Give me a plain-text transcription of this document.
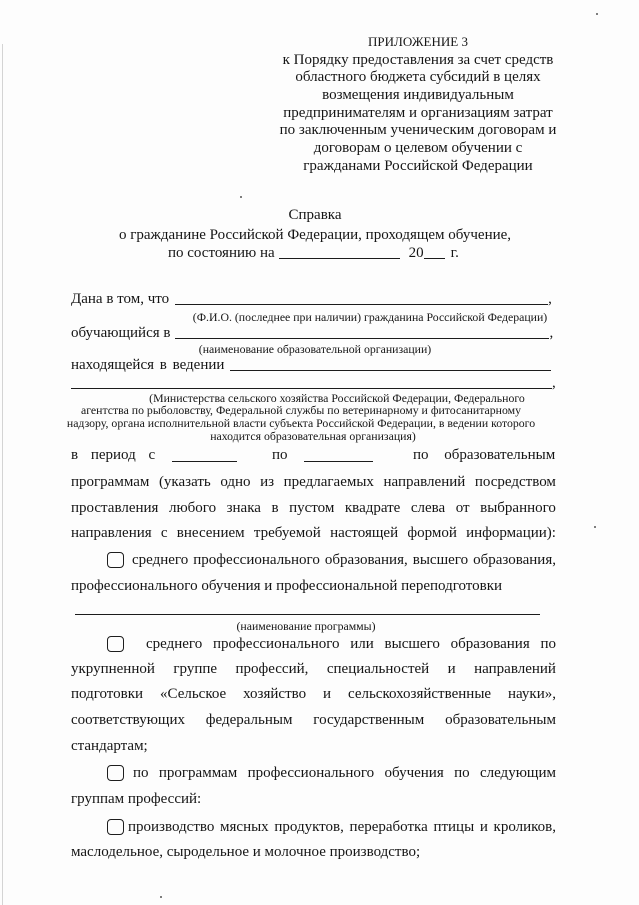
ПРИЛОЖЕНИЕ 3
к Порядку предоставления за счет средств
областного бюджета субсидий в целях
возмещения индивидуальным
предпринимателям и организациям затрат
по заключенным ученическим договорам и
договорам о целевом обучении с
гражданами Российской Федерации
Справка
о гражданине Российской Федерации, проходящем обучение,
по состоянию на	20 г.
Дана в том, что	,
(Ф.И.О. (последнее при наличии) гражданина Российской Федерации)
обучающийся в	,
(наименование образовательной организации)
находящейся в ведении
,
(Министерства сельского хозяйства Российской Федерации, Федерального
агентства по рыболовству, Федеральной службы по ветеринарному и фитосанитарному
надзору, органа исполнительной власти субъекта Российской Федерации, в ведении которого
находится образовательная организация)
в период с	по	по образовательным
программам (указать одно из предлагаемых направлений посредством
проставления любого знака в пустом квадрате слева от выбранного
направления с внесением требуемой настоящей формой информации):
среднего профессионального образования, высшего образования,
профессионального обучения и профессиональной переподготовки
(наименование программы)
среднего профессионального или высшего образования по
укрупненной группе профессий, специальностей и направлений
подготовки «Сельское хозяйство и сельскохозяйственные науки»,
соответствующих федеральным государственным образовательным
стандартам;
по программам профессионального обучения по следующим
группам профессий:
производство мясных продуктов, переработка птицы и кроликов,
маслодельное, сыродельное и молочное производство;
